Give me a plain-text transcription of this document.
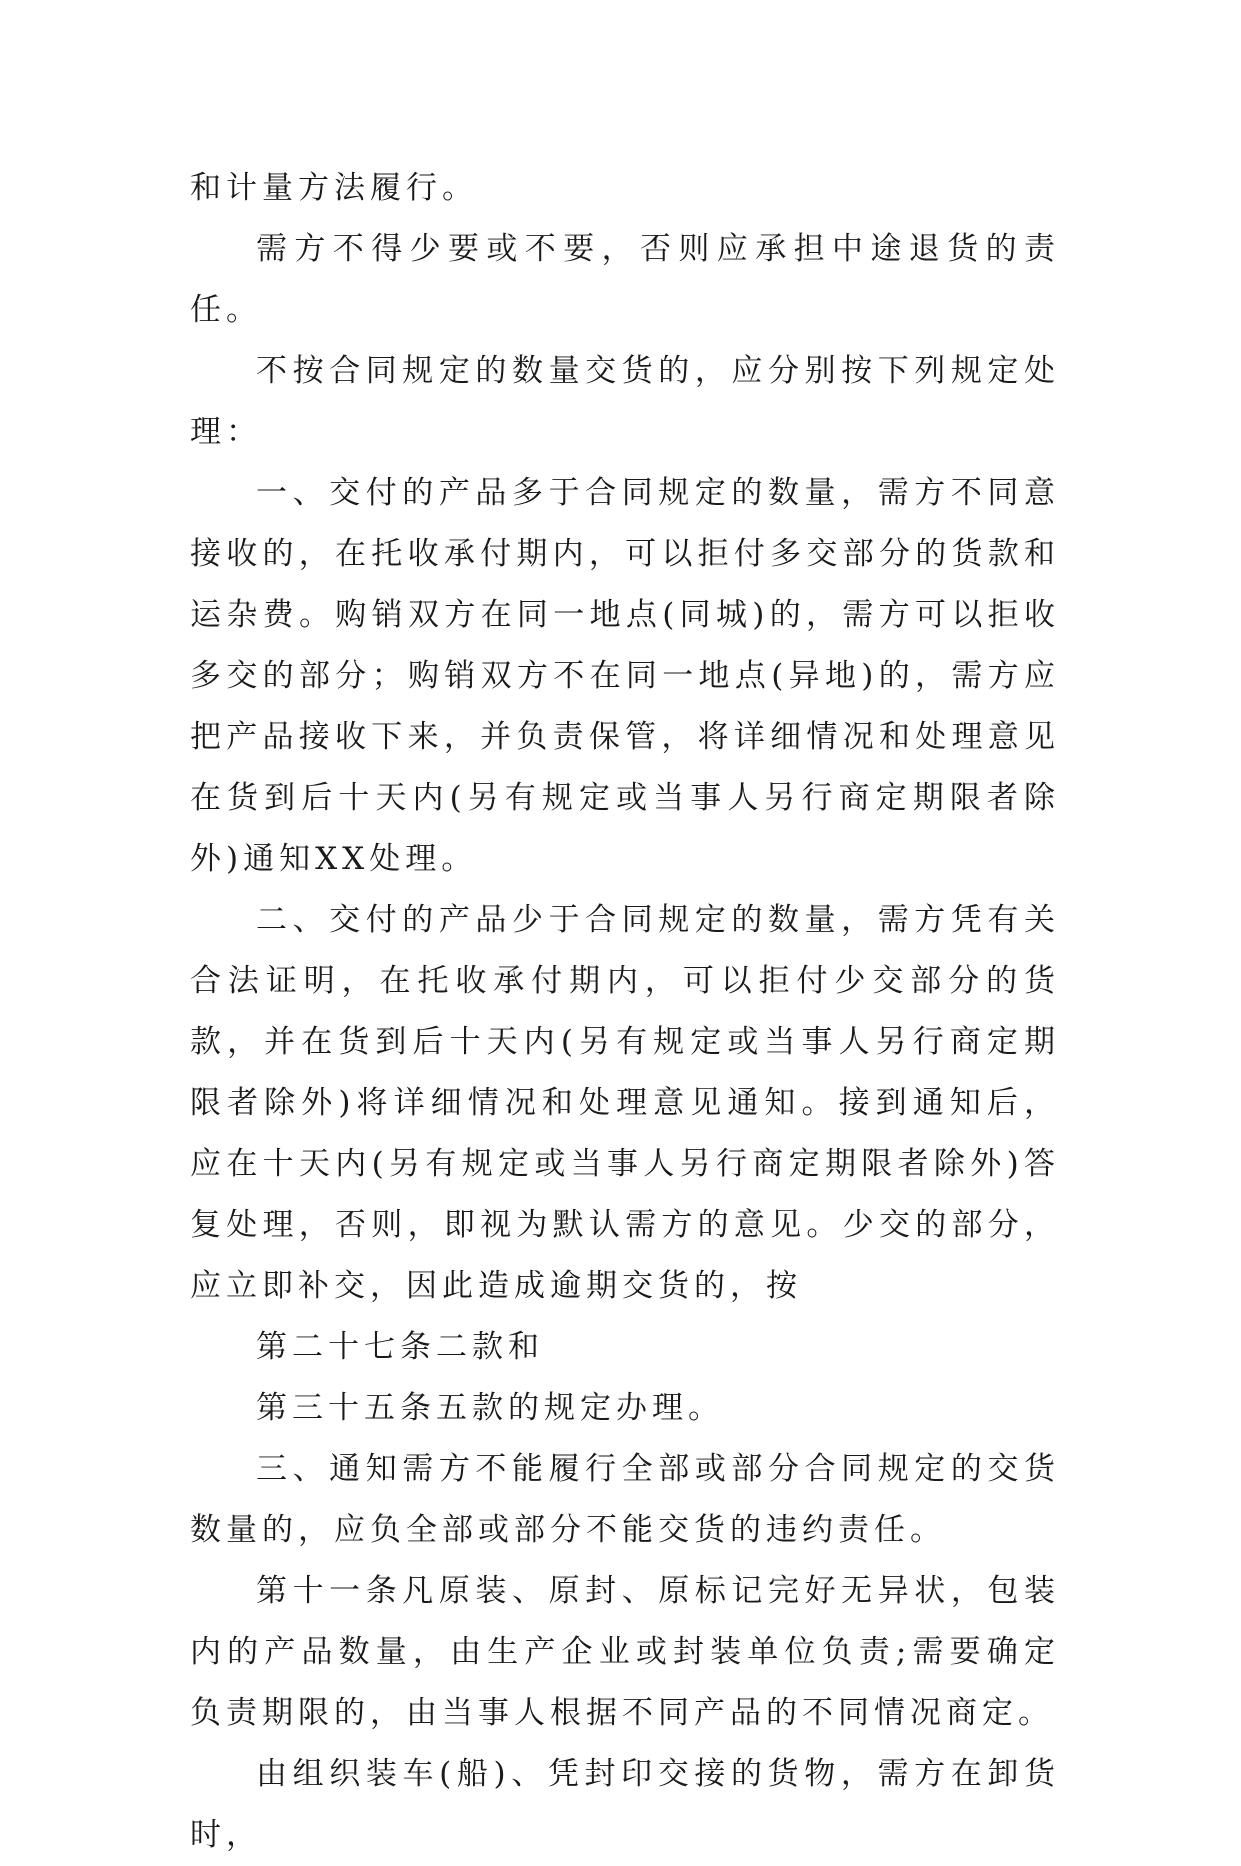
和计量方法履行。

需方不得少要或不要，否则应承担中途退货的责任。

不按合同规定的数量交货的，应分别按下列规定处理：

一、交付的产品多于合同规定的数量，需方不同意接收的，在托收承付期内，可以拒付多交部分的货款和运杂费。购销双方在同一地点(同城)的，需方可以拒收多交的部分；购销双方不在同一地点(异地)的，需方应把产品接收下来，并负责保管，将详细情况和处理意见在货到后十天内(另有规定或当事人另行商定期限者除外)通知XX处理。

二、交付的产品少于合同规定的数量，需方凭有关合法证明，在托收承付期内，可以拒付少交部分的货款，并在货到后十天内(另有规定或当事人另行商定期限者除外)将详细情况和处理意见通知。接到通知后，应在十天内(另有规定或当事人另行商定期限者除外)答复处理，否则，即视为默认需方的意见。少交的部分，应立即补交，因此造成逾期交货的，按

第二十七条二款和

第三十五条五款的规定办理。

三、通知需方不能履行全部或部分合同规定的交货数量的，应负全部或部分不能交货的违约责任。

第十一条凡原装、原封、原标记完好无异状，包装内的产品数量，由生产企业或封装单位负责;需要确定负责期限的，由当事人根据不同产品的不同情况商定。

由组织装车(船)、凭封印交接的货物，需方在卸货时，
